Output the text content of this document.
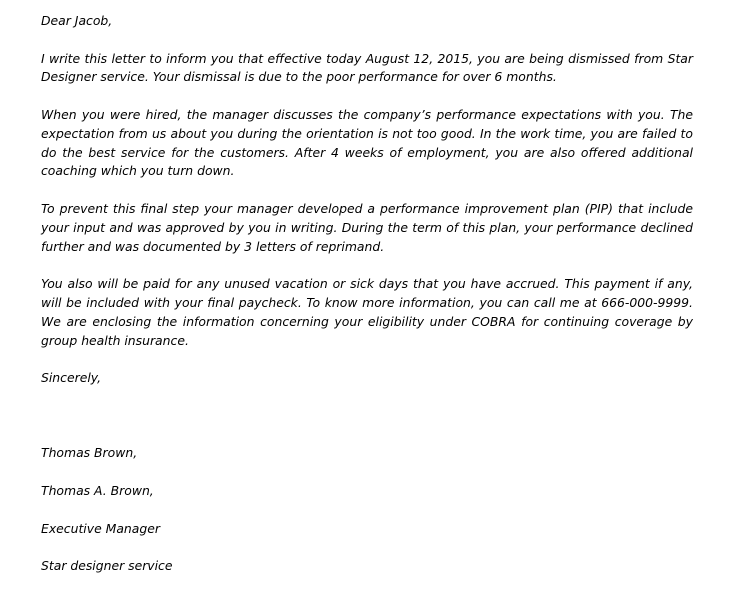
Dear Jacob,

I write this letter to inform you that effective today August 12, 2015, you are being dismissed from Star Designer service. Your dismissal is due to the poor performance for over 6 months.

When you were hired, the manager discusses the company’s performance expectations with you. The expectation from us about you during the orientation is not too good. In the work time, you are failed to do the best service for the customers. After 4 weeks of employment, you are also offered additional coaching which you turn down.

To prevent this final step your manager developed a performance improvement plan (PIP) that include your input and was approved by you in writing. During the term of this plan, your performance declined further and was documented by 3 letters of reprimand.

You also will be paid for any unused vacation or sick days that you have accrued. This payment if any, will be included with your final paycheck. To know more information, you can call me at 666-000-9999. We are enclosing the information concerning your eligibility under COBRA for continuing coverage by group health insurance.

Sincerely,

Thomas Brown,

Thomas A. Brown,

Executive Manager

Star designer service
